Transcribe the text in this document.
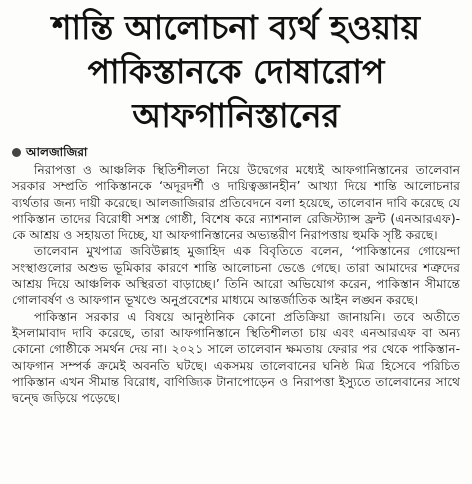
শান্তি আলোচনা ব্যর্থ হওয়ায়
পাকিস্তানকে দোষারোপ
আফগানিস্তানের
আলজাজিরা

নিরাপত্তা ও আঞ্চলিক স্থিতিশীলতা নিয়ে উদ্বেগের মধ্যেই আফগানিস্তানের তালেবান সরকার সম্প্রতি পাকিস্তানকে ‘অদূরদর্শী ও দায়িত্বজ্ঞানহীন’ আখ্যা দিয়ে শান্তি আলোচনার ব্যর্থতার জন্য দায়ী করেছে। আলজাজিরার প্রতিবেদনে বলা হয়েছে, তালেবান দাবি করেছে যে পাকিস্তান তাদের বিরোধী সশস্ত্র গোষ্ঠী, বিশেষ করে ন্যাশনাল রেজিস্ট্যান্স ফ্রন্ট (এনআরএফ)-কে আশ্রয় ও সহায়তা দিচ্ছে, যা আফগানিস্তানের অভ্যন্তরীণ নিরাপত্তায় হুমকি সৃষ্টি করছে।

তালেবান মুখপাত্র জবিউল্লাহ মুজাহিদ এক বিবৃতিতে বলেন, ‘পাকিস্তানের গোয়েন্দা সংস্থাগুলোর অশুভ ভূমিকার কারণে শান্তি আলোচনা ভেঙে গেছে। তারা আমাদের শত্রুদের আশ্রয় দিয়ে আঞ্চলিক অস্থিরতা বাড়াচ্ছে।’ তিনি আরো অভিযোগ করেন, পাকিস্তান সীমান্তে গোলাবর্ষণ ও আফগান ভূখণ্ডে অনুপ্রবেশের মাধ্যমে আন্তর্জাতিক আইন লঙ্ঘন করছে।

পাকিস্তান সরকার এ বিষয়ে আনুষ্ঠানিক কোনো প্রতিক্রিয়া জানায়নি। তবে অতীতে ইসলামাবাদ দাবি করেছে, তারা আফগানিস্তানে স্থিতিশীলতা চায় এবং এনআরএফ বা অন্য কোনো গোষ্ঠীকে সমর্থন দেয় না। ২০২১ সালে তালেবান ক্ষমতায় ফেরার পর থেকে পাকিস্তান-আফগান সম্পর্ক ক্রমেই অবনতি ঘটছে। একসময় তালেবানের ঘনিষ্ঠ মিত্র হিসেবে পরিচিত পাকিস্তান এখন সীমান্ত বিরোধ, বাণিজ্যিক টানাপোড়েন ও নিরাপত্তা ইস্যুতে তালেবানের সাথে দ্বন্দ্বে জড়িয়ে পড়েছে।
